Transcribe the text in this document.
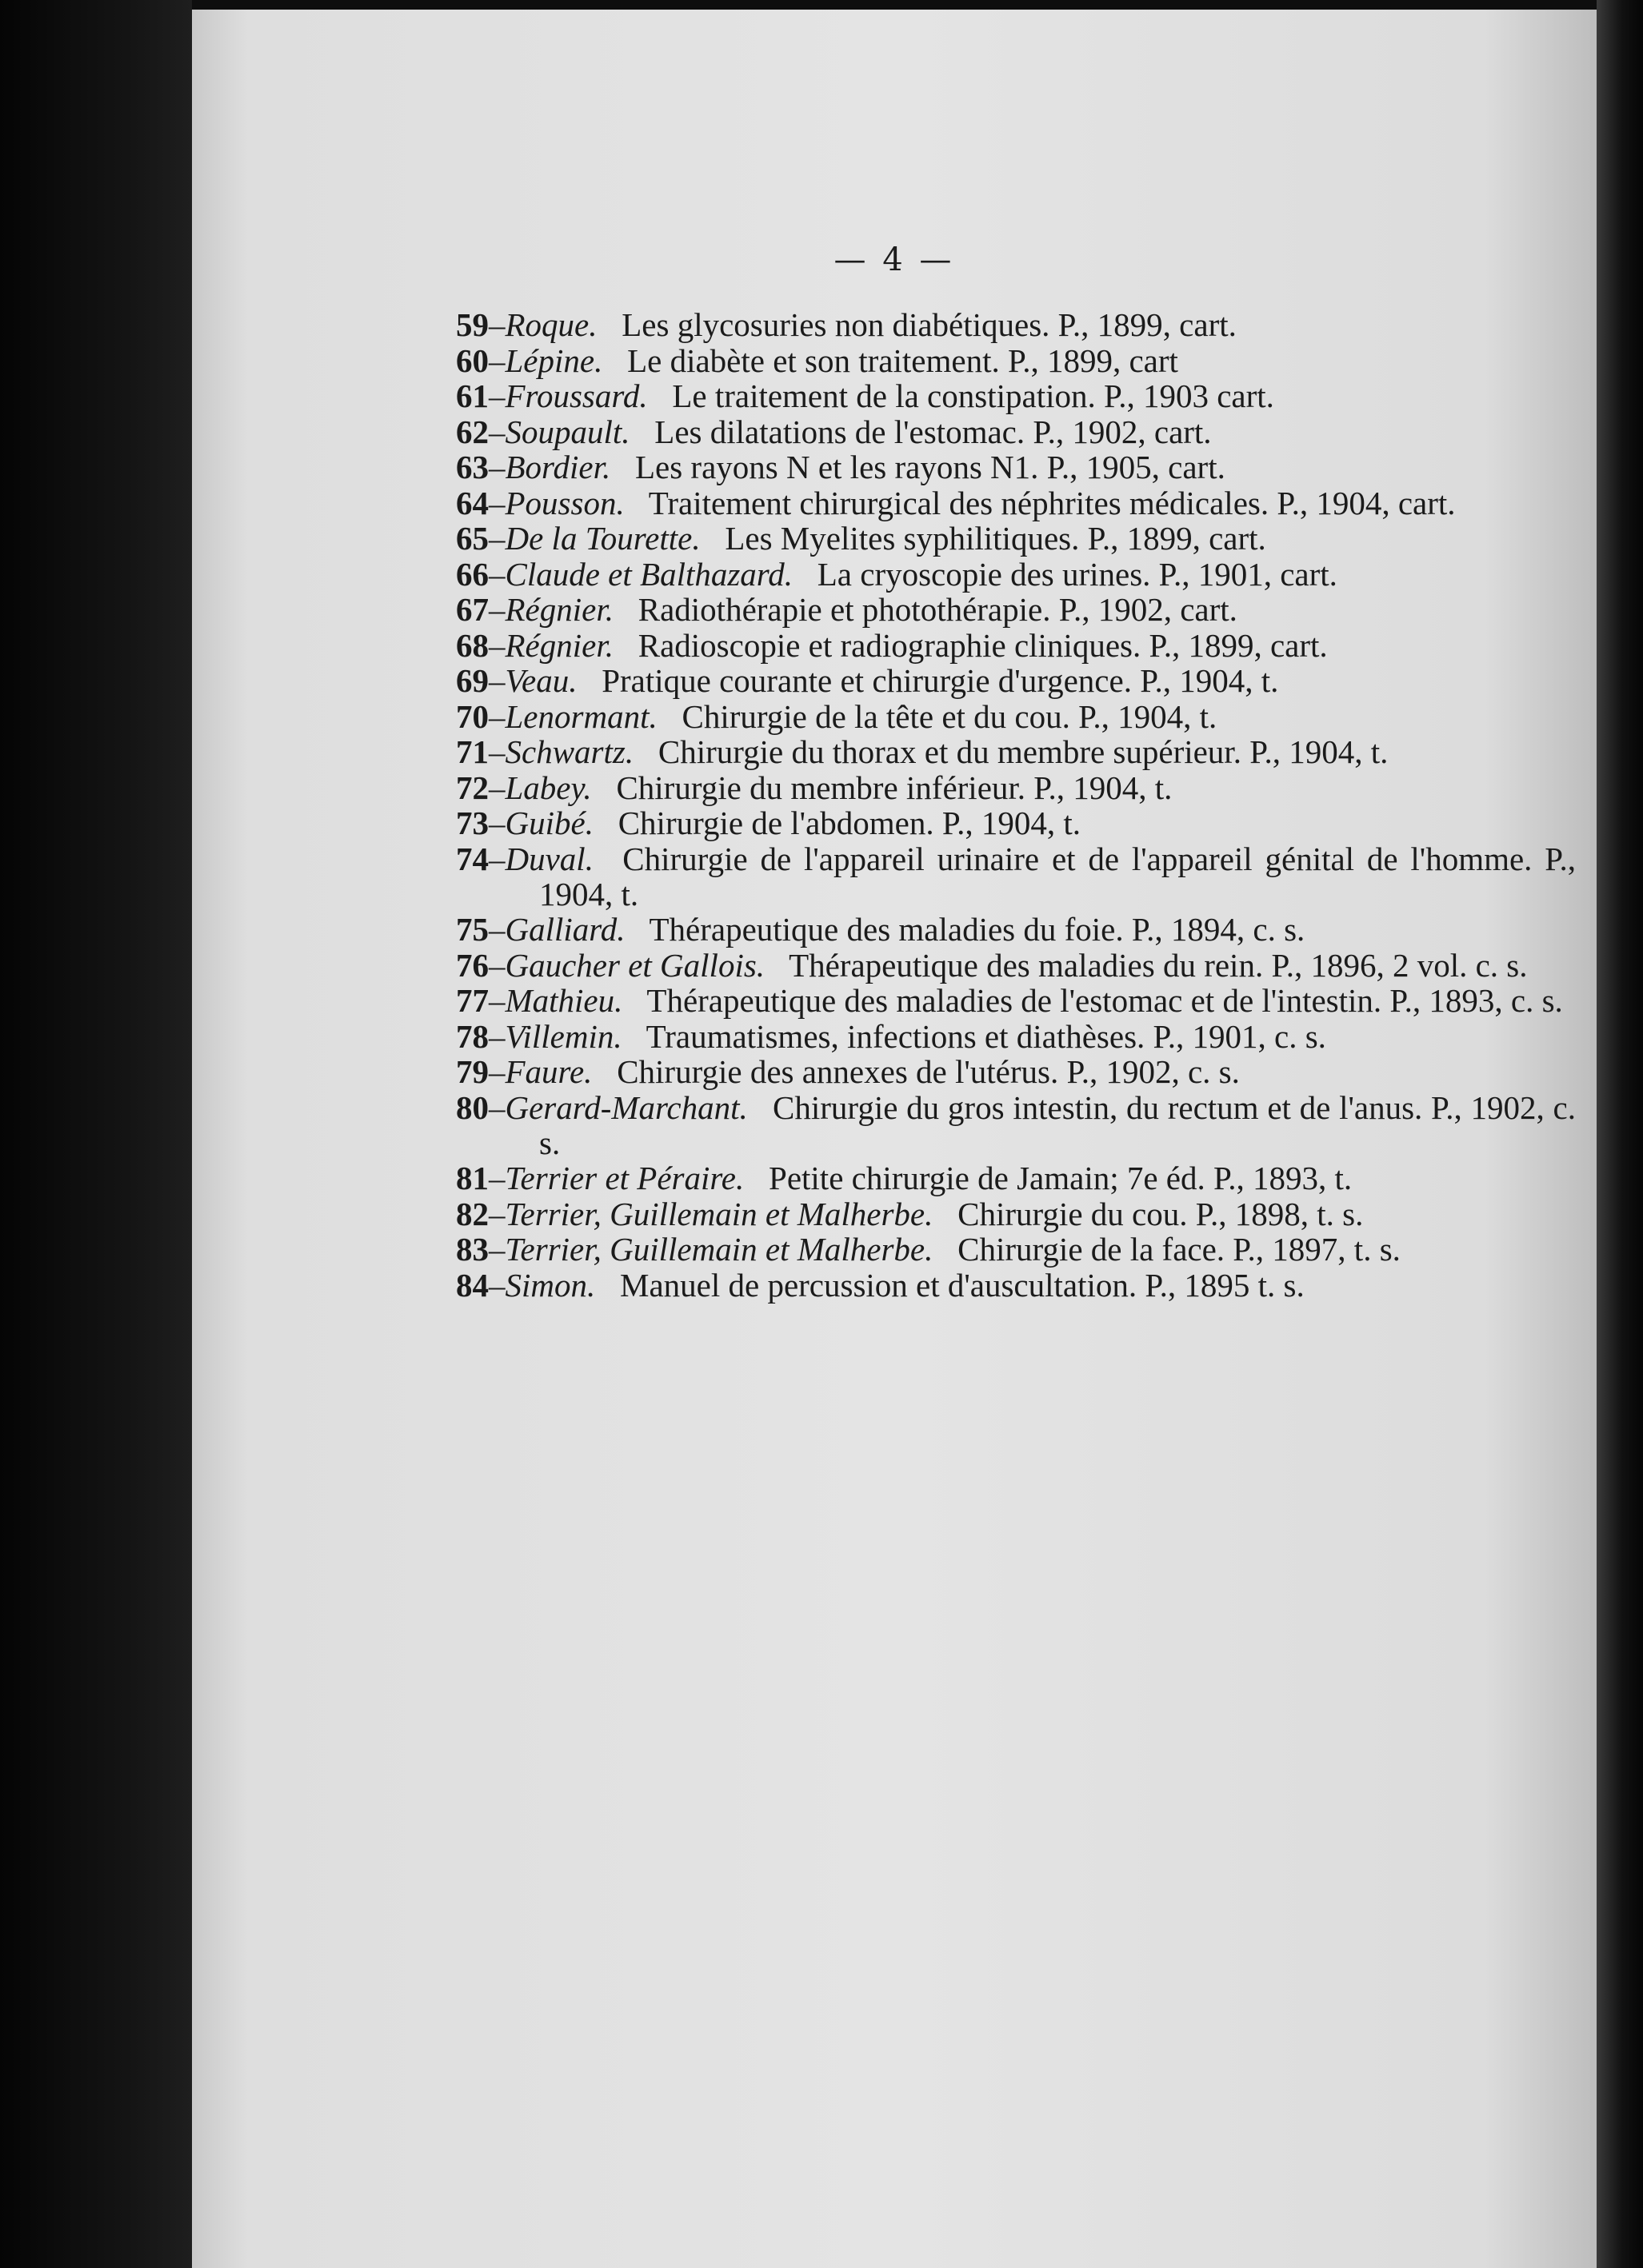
— 4 —
59–Roque.  Les glycosuries non diabétiques. P., 1899, cart.
60–Lépine.  Le diabète et son traitement. P., 1899, cart
61–Froussard.  Le traitement de la constipation. P., 1903 cart.
62–Soupault.  Les dilatations de l'estomac. P., 1902, cart.
63–Bordier.  Les rayons N et les rayons N1. P., 1905, cart.
64–Pousson.  Traitement chirurgical des néphrites médicales. P., 1904, cart.
65–De la Tourette.  Les Myelites syphilitiques. P., 1899, cart.
66–Claude et Balthazard.  La cryoscopie des urines. P., 1901, cart.
67–Régnier.  Radiothérapie et photothérapie. P., 1902, cart.
68–Régnier.  Radioscopie et radiographie cliniques. P., 1899, cart.
69–Veau.  Pratique courante et chirurgie d'urgence. P., 1904, t.
70–Lenormant.  Chirurgie de la tête et du cou. P., 1904, t.
71–Schwartz.  Chirurgie du thorax et du membre supérieur. P., 1904, t.
72–Labey.  Chirurgie du membre inférieur. P., 1904, t.
73–Guibé.  Chirurgie de l'abdomen. P., 1904, t.
74–Duval.  Chirurgie de l'appareil urinaire et de l'appareil génital de l'homme. P., 1904, t.
75–Galliard.  Thérapeutique des maladies du foie. P., 1894, c. s.
76–Gaucher et Gallois.  Thérapeutique des maladies du rein. P., 1896, 2 vol. c. s.
77–Mathieu.  Thérapeutique des maladies de l'estomac et de l'intestin. P., 1893, c. s.
78–Villemin.  Traumatismes, infections et diathèses. P., 1901, c. s.
79–Faure.  Chirurgie des annexes de l'utérus. P., 1902, c. s.
80–Gerard-Marchant.  Chirurgie du gros intestin, du rectum et de l'anus. P., 1902, c. s.
81–Terrier et Péraire.  Petite chirurgie de Jamain; 7e éd. P., 1893, t.
82–Terrier, Guillemain et Malherbe.  Chirurgie du cou. P., 1898, t. s.
83–Terrier, Guillemain et Malherbe.  Chirurgie de la face. P., 1897, t. s.
84–Simon.  Manuel de percussion et d'auscultation. P., 1895 t. s.
